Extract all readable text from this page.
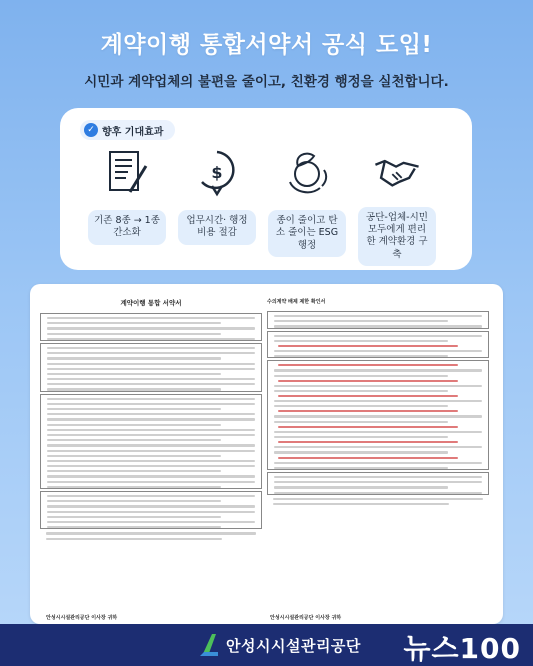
계약이행 통합서약서 공식 도입!
시민과 계약업체의 불편을 줄이고, 친환경 행정을 실천합니다.
✓ 향후 기대효과
기존 8종 → 1종 간소화
$
업무시간· 행정비용 절감
종이 줄이고 탄소 줄이는 ESG 행정
공단-업체-시민 모두에게 편리한 계약환경 구축
계약이행 통합 서약서
안성시시설관리공단 이사장 귀하
수의계약 배제 제한 확인서
안성시시설관리공단 이사장 귀하
안성시시설관리공단 뉴스100
